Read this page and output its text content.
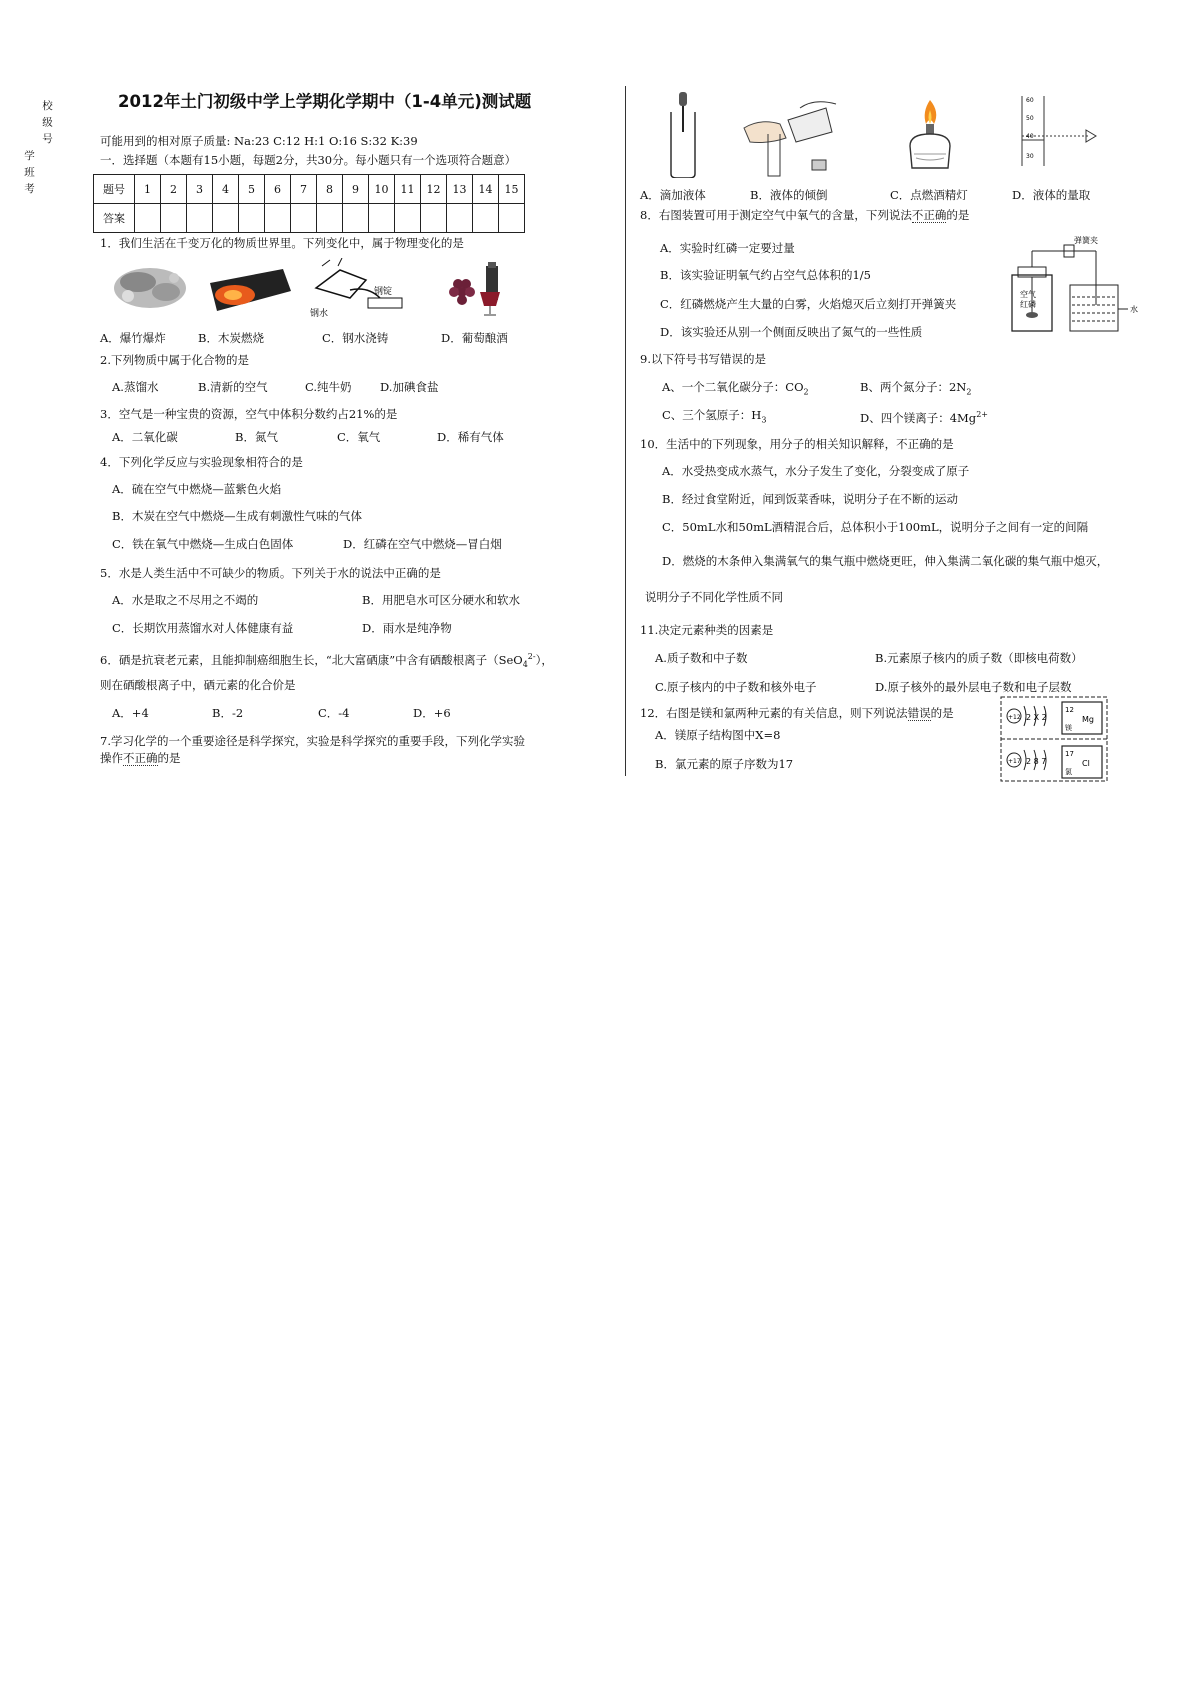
校级号
学班考
2012年土门初级中学上学期化学期中（1-4单元)测试题
可能用到的相对原子质量: Na:23 C:12 H:1 O:16 S:32 K:39
一．选择题（本题有15小题，每题2分，共30分。每小题只有一个选项符合题意）
题号	1	2	3	4	5	6	7	8	9	10	11	12	13	14	15
答案															
1．我们生活在千变万化的物质世界里。下列变化中，属于物理变化的是
钢水
钢锭
A．爆竹爆炸	B．木炭燃烧	C．钢水浇铸	D．葡萄酿酒
2.下列物质中属于化合物的是
A.蒸馏水	B.清新的空气	C.纯牛奶 D.加碘食盐
3．空气是一种宝贵的资源，空气中体积分数约占21%的是
A．二氧化碳	B．氮气	C．氧气	D．稀有气体
4．下列化学反应与实验现象相符合的是
A．硫在空气中燃烧—蓝紫色火焰
B．木炭在空气中燃烧—生成有刺激性气味的气体
C．铁在氧气中燃烧—生成白色固体	D．红磷在空气中燃烧—冒白烟
5．水是人类生活中不可缺少的物质。下列关于水的说法中正确的是
A．水是取之不尽用之不竭的	B．用肥皂水可区分硬水和软水
C．长期饮用蒸馏水对人体健康有益	D．雨水是纯净物
6．硒是抗衰老元素，且能抑制癌细胞生长，“北大富硒康”中含有硒酸根离子（SeO$_4^{2-}$），
则在硒酸根离子中，硒元素的化合价是
A．+4	B．-2	C．-4	D．+6
7.学习化学的一个重要途径是科学探究，实验是科学探究的重要手段，下列化学实验
操作不正确的是
60
50
40
30
A．滴加液体	B．液体的倾倒	C．点燃酒精灯	D．液体的量取
8．右图装置可用于测定空气中氧气的含量，下列说法不正确的是
A．实验时红磷一定要过量
B．该实验证明氧气约占空气总体积的1/5
C．红磷燃烧产生大量的白雾，火焰熄灭后立刻打开弹簧夹
D．该实验还从别一个侧面反映出了氮气的一些性质
弹簧夹
空气
红磷
水
9.以下符号书写错误的是
A、一个二氧化碳分子：$CO_2$	B、两个氮分子：$2N_2$
C、三个氢原子：$H_3$	D、四个镁离子：$4Mg^{2+}$
10．生活中的下列现象，用分子的相关知识解释，不正确的是
A．水受热变成水蒸气，水分子发生了变化，分裂变成了原子
B．经过食堂附近，闻到饭菜香味，说明分子在不断的运动
C．50mL水和50mL酒精混合后，总体积小于100mL，说明分子之间有一定的间隔
D．燃烧的木条伸入集满氧气的集气瓶中燃烧更旺，伸入集满二氧化碳的集气瓶中熄灭，
说明分子不同化学性质不同
11.决定元素种类的因素是
A.质子数和中子数	B.元素原子核内的质子数（即核电荷数）
C.原子核内的中子数和核外电子	D.原子核外的最外层电子数和电子层数
12．右图是镁和氯两种元素的有关信息，则下列说法错误的是
A．镁原子结构图中X=8
B．氯元素的原子序数为17
+12 2 X 2
12
Mg
镁
+17 2 8 7
17
Cl
氯
